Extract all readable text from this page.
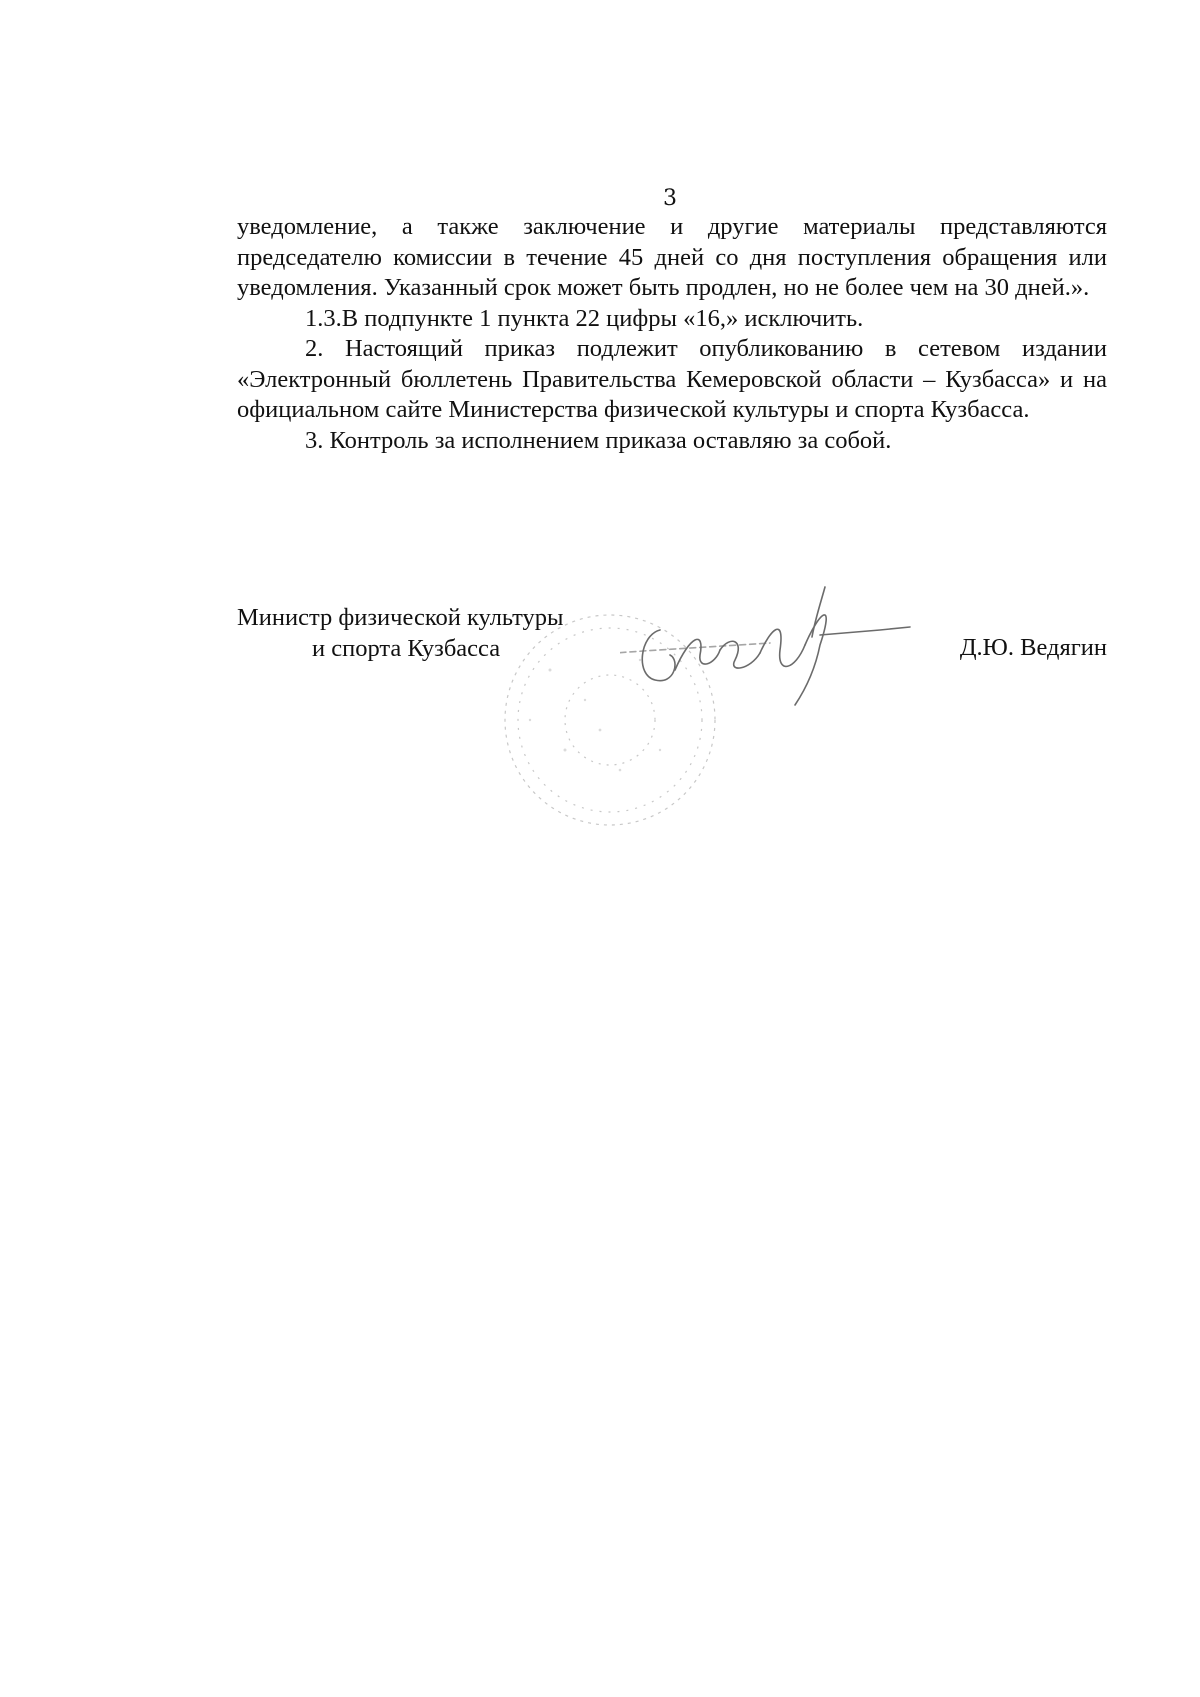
3

уведомление, а также заключение и другие материалы представляются председателю комиссии в течение 45 дней со дня поступления обращения или уведомления. Указанный срок может быть продлен, но не более чем на 30 дней.».

1.3.В подпункте 1 пункта 22 цифры «16,» исключить.

2. Настоящий приказ подлежит опубликованию в сетевом издании «Электронный бюллетень Правительства Кемеровской области – Кузбасса» и на официальном сайте Министерства физической культуры и спорта Кузбасса.

3. Контроль за исполнением приказа оставляю за собой.

Министр физической культуры
и спорта Кузбасса	Д.Ю. Ведягин
